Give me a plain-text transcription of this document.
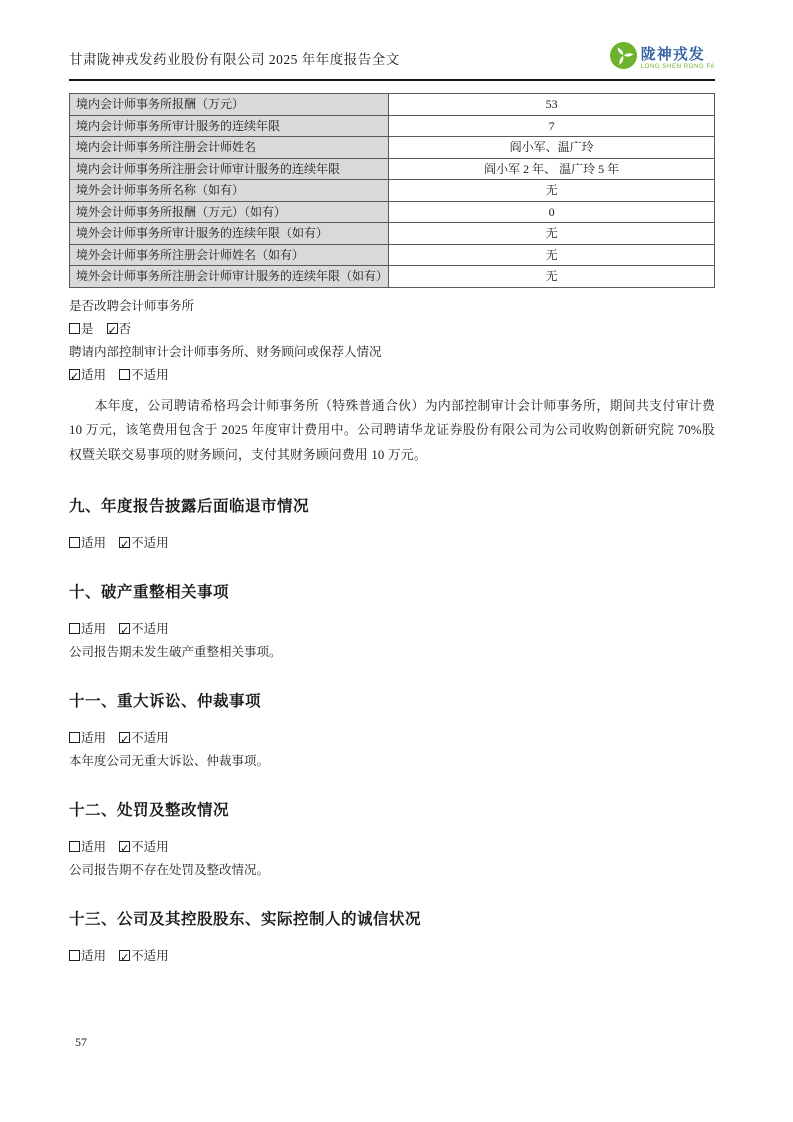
甘肃陇神戎发药业股份有限公司 2025 年年度报告全文	陇神戎发
LONG SHEN RONG FA
境内会计师事务所报酬（万元）	53
境内会计师事务所审计服务的连续年限	7
境内会计师事务所注册会计师姓名	阎小军、温广玲
境内会计师事务所注册会计师审计服务的连续年限	阎小军 2 年、 温广玲 5 年
境外会计师事务所名称（如有）	无
境外会计师事务所报酬（万元）（如有）	0
境外会计师事务所审计服务的连续年限（如有）	无
境外会计师事务所注册会计师姓名（如有）	无
境外会计师事务所注册会计师审计服务的连续年限（如有）	无
是否改聘会计师事务所
是 ✓ 否
聘请内部控制审计会计师事务所、财务顾问或保荐人情况
✓适用 不适用
本年度，公司聘请希格玛会计师事务所（特殊普通合伙）为内部控制审计会计师事务所，期间共支付审计费 10 万元，该笔费用包含于 2025 年度审计费用中。公司聘请华龙证券股份有限公司为公司收购创新研究院 70%股权暨关联交易事项的财务顾问，支付其财务顾问费用 10 万元。
九、年度报告披露后面临退市情况
适用 ✓ 不适用
十、破产重整相关事项
适用 ✓ 不适用
公司报告期未发生破产重整相关事项。
十一、重大诉讼、仲裁事项
适用 ✓ 不适用
本年度公司无重大诉讼、仲裁事项。
十二、处罚及整改情况
适用 ✓ 不适用
公司报告期不存在处罚及整改情况。
十三、公司及其控股股东、实际控制人的诚信状况
适用 ✓ 不适用
57
